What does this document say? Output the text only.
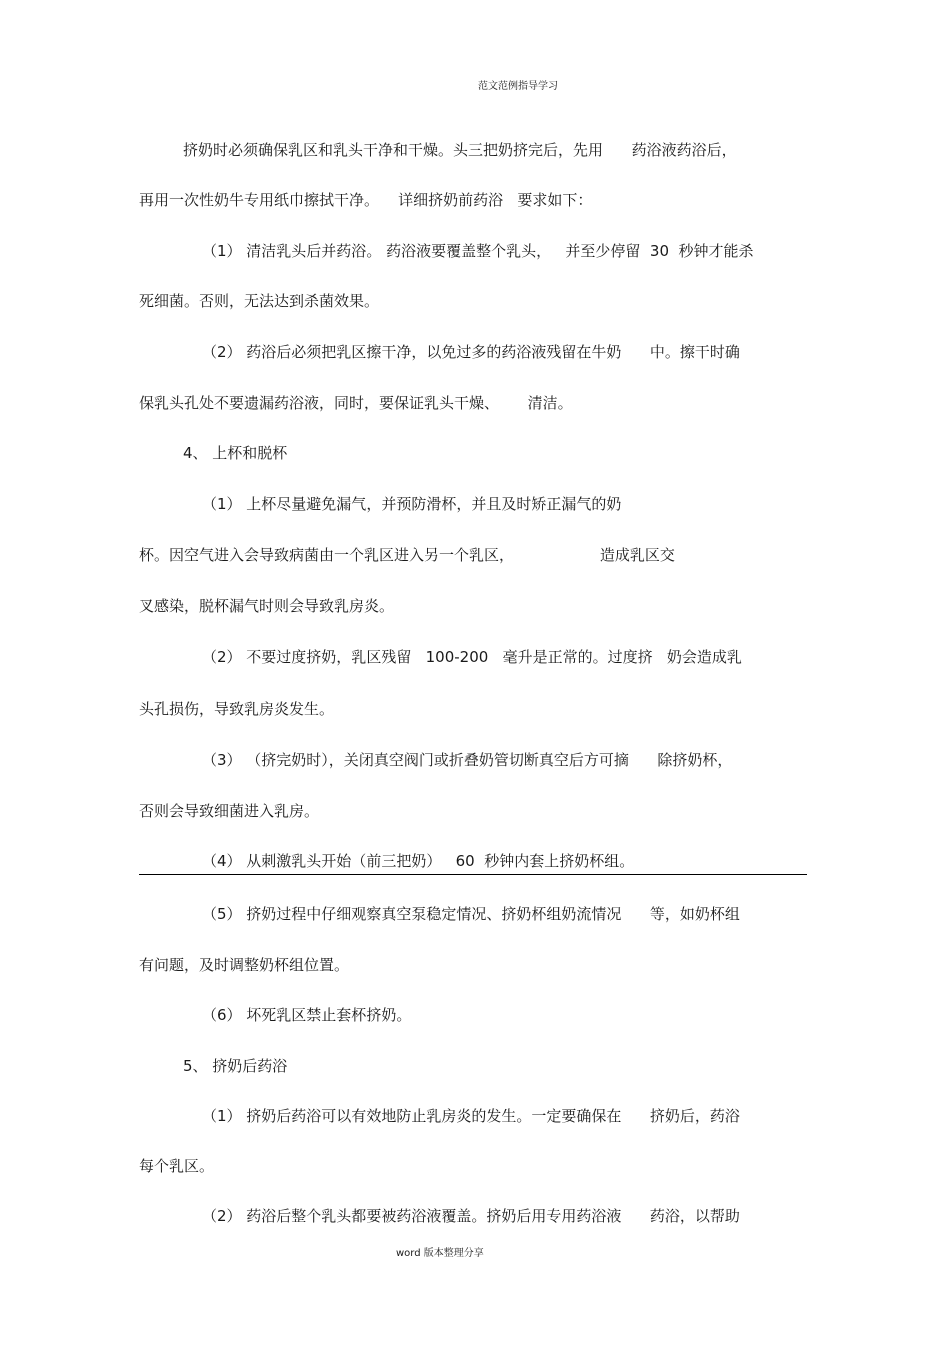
范文范例指导学习
挤奶时必须确保乳区和乳头干净和干燥。头三把奶挤完后，先用      药浴液药浴后，
再用一次性奶牛专用纸巾擦拭干净。    详细挤奶前药浴   要求如下：
（1） 清洁乳头后并药浴。 药浴液要覆盖整个乳头，   并至少停留  30  秒钟才能杀
死细菌。否则，无法达到杀菌效果。
（2） 药浴后必须把乳区擦干净，以免过多的药浴液残留在牛奶      中。擦干时确
保乳头孔处不要遗漏药浴液，同时，要保证乳头干燥、      清洁。
4、 上杯和脱杯
（1） 上杯尽量避免漏气，并预防滑杯，并且及时矫正漏气的奶
杯。因空气进入会导致病菌由一个乳区进入另一个乳区，                  造成乳区交
叉感染，脱杯漏气时则会导致乳房炎。
（2） 不要过度挤奶，乳区残留   100-200   毫升是正常的。过度挤   奶会造成乳
头孔损伤，导致乳房炎发生。
（3） （挤完奶时），关闭真空阀门或折叠奶管切断真空后方可摘      除挤奶杯，
否则会导致细菌进入乳房。
（4） 从刺激乳头开始（前三把奶）   60  秒钟内套上挤奶杯组。
（5） 挤奶过程中仔细观察真空泵稳定情况、挤奶杯组奶流情况      等，如奶杯组
有问题，及时调整奶杯组位置。
（6） 坏死乳区禁止套杯挤奶。
5、 挤奶后药浴
（1） 挤奶后药浴可以有效地防止乳房炎的发生。一定要确保在      挤奶后，药浴
每个乳区。
（2） 药浴后整个乳头都要被药浴液覆盖。挤奶后用专用药浴液      药浴，以帮助
word 版本整理分享
